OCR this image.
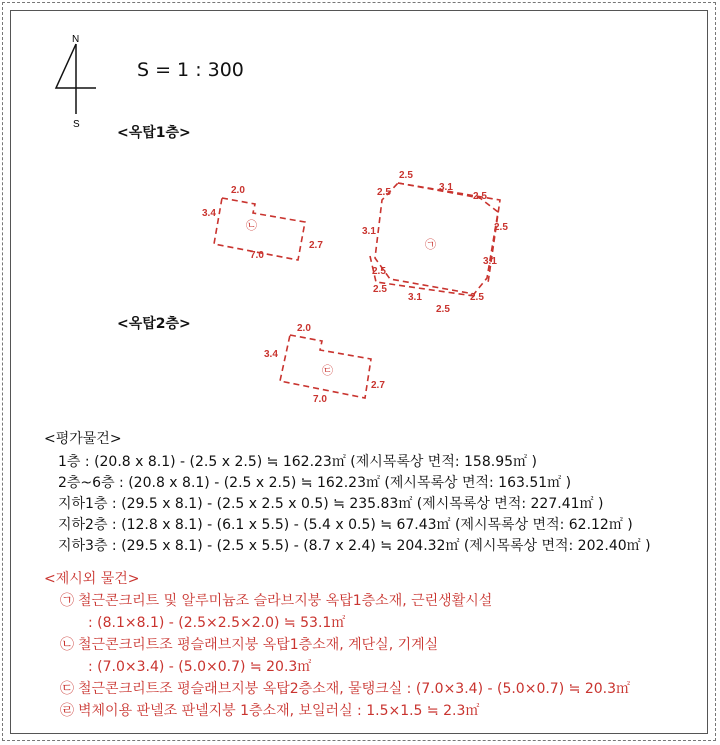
N
S
S = 1 : 300
<옥탑1층>
<옥탑2층>
2.0
3.4
2.7
7.0
㉡
2.5
3.1
2.5
2.5
2.5
3.1
3.1
2.5
2.5
3.1
2.5
2.5
㉠
2.0
3.4
2.7
7.0
㉢
<평가물건>
1층 : (20.8 x 8.1) - (2.5 x 2.5) ≒ 162.23㎡ (제시목록상 면적: 158.95㎡ )
2층~6층 : (20.8 x 8.1) - (2.5 x 2.5) ≒ 162.23㎡ (제시목록상 면적: 163.51㎡ )
지하1층 : (29.5 x 8.1) - (2.5 x 2.5 x 0.5) ≒ 235.83㎡ (제시목록상 면적: 227.41㎡ )
지하2층 : (12.8 x 8.1) - (6.1 x 5.5) - (5.4 x 0.5) ≒ 67.43㎡ (제시목록상 면적: 62.12㎡ )
지하3층 : (29.5 x 8.1) - (2.5 x 5.5) - (8.7 x 2.4) ≒ 204.32㎡ (제시목록상 면적: 202.40㎡ )
<제시외 물건>
㉠ 철근콘크리트 및 알루미늄조 슬라브지붕 옥탑1층소재, 근린생활시설
: (8.1×8.1) - (2.5×2.5×2.0) ≒ 53.1㎡
㉡ 철근콘크리트조 평슬래브지붕 옥탑1층소재, 계단실, 기계실
: (7.0×3.4) - (5.0×0.7) ≒ 20.3㎡
㉢ 철근콘크리트조 평슬래브지붕 옥탑2층소재, 물탱크실 : (7.0×3.4) - (5.0×0.7) ≒ 20.3㎡
㉣ 벽체이용 판넬조 판넬지붕 1층소재, 보일러실 : 1.5×1.5 ≒ 2.3㎡
